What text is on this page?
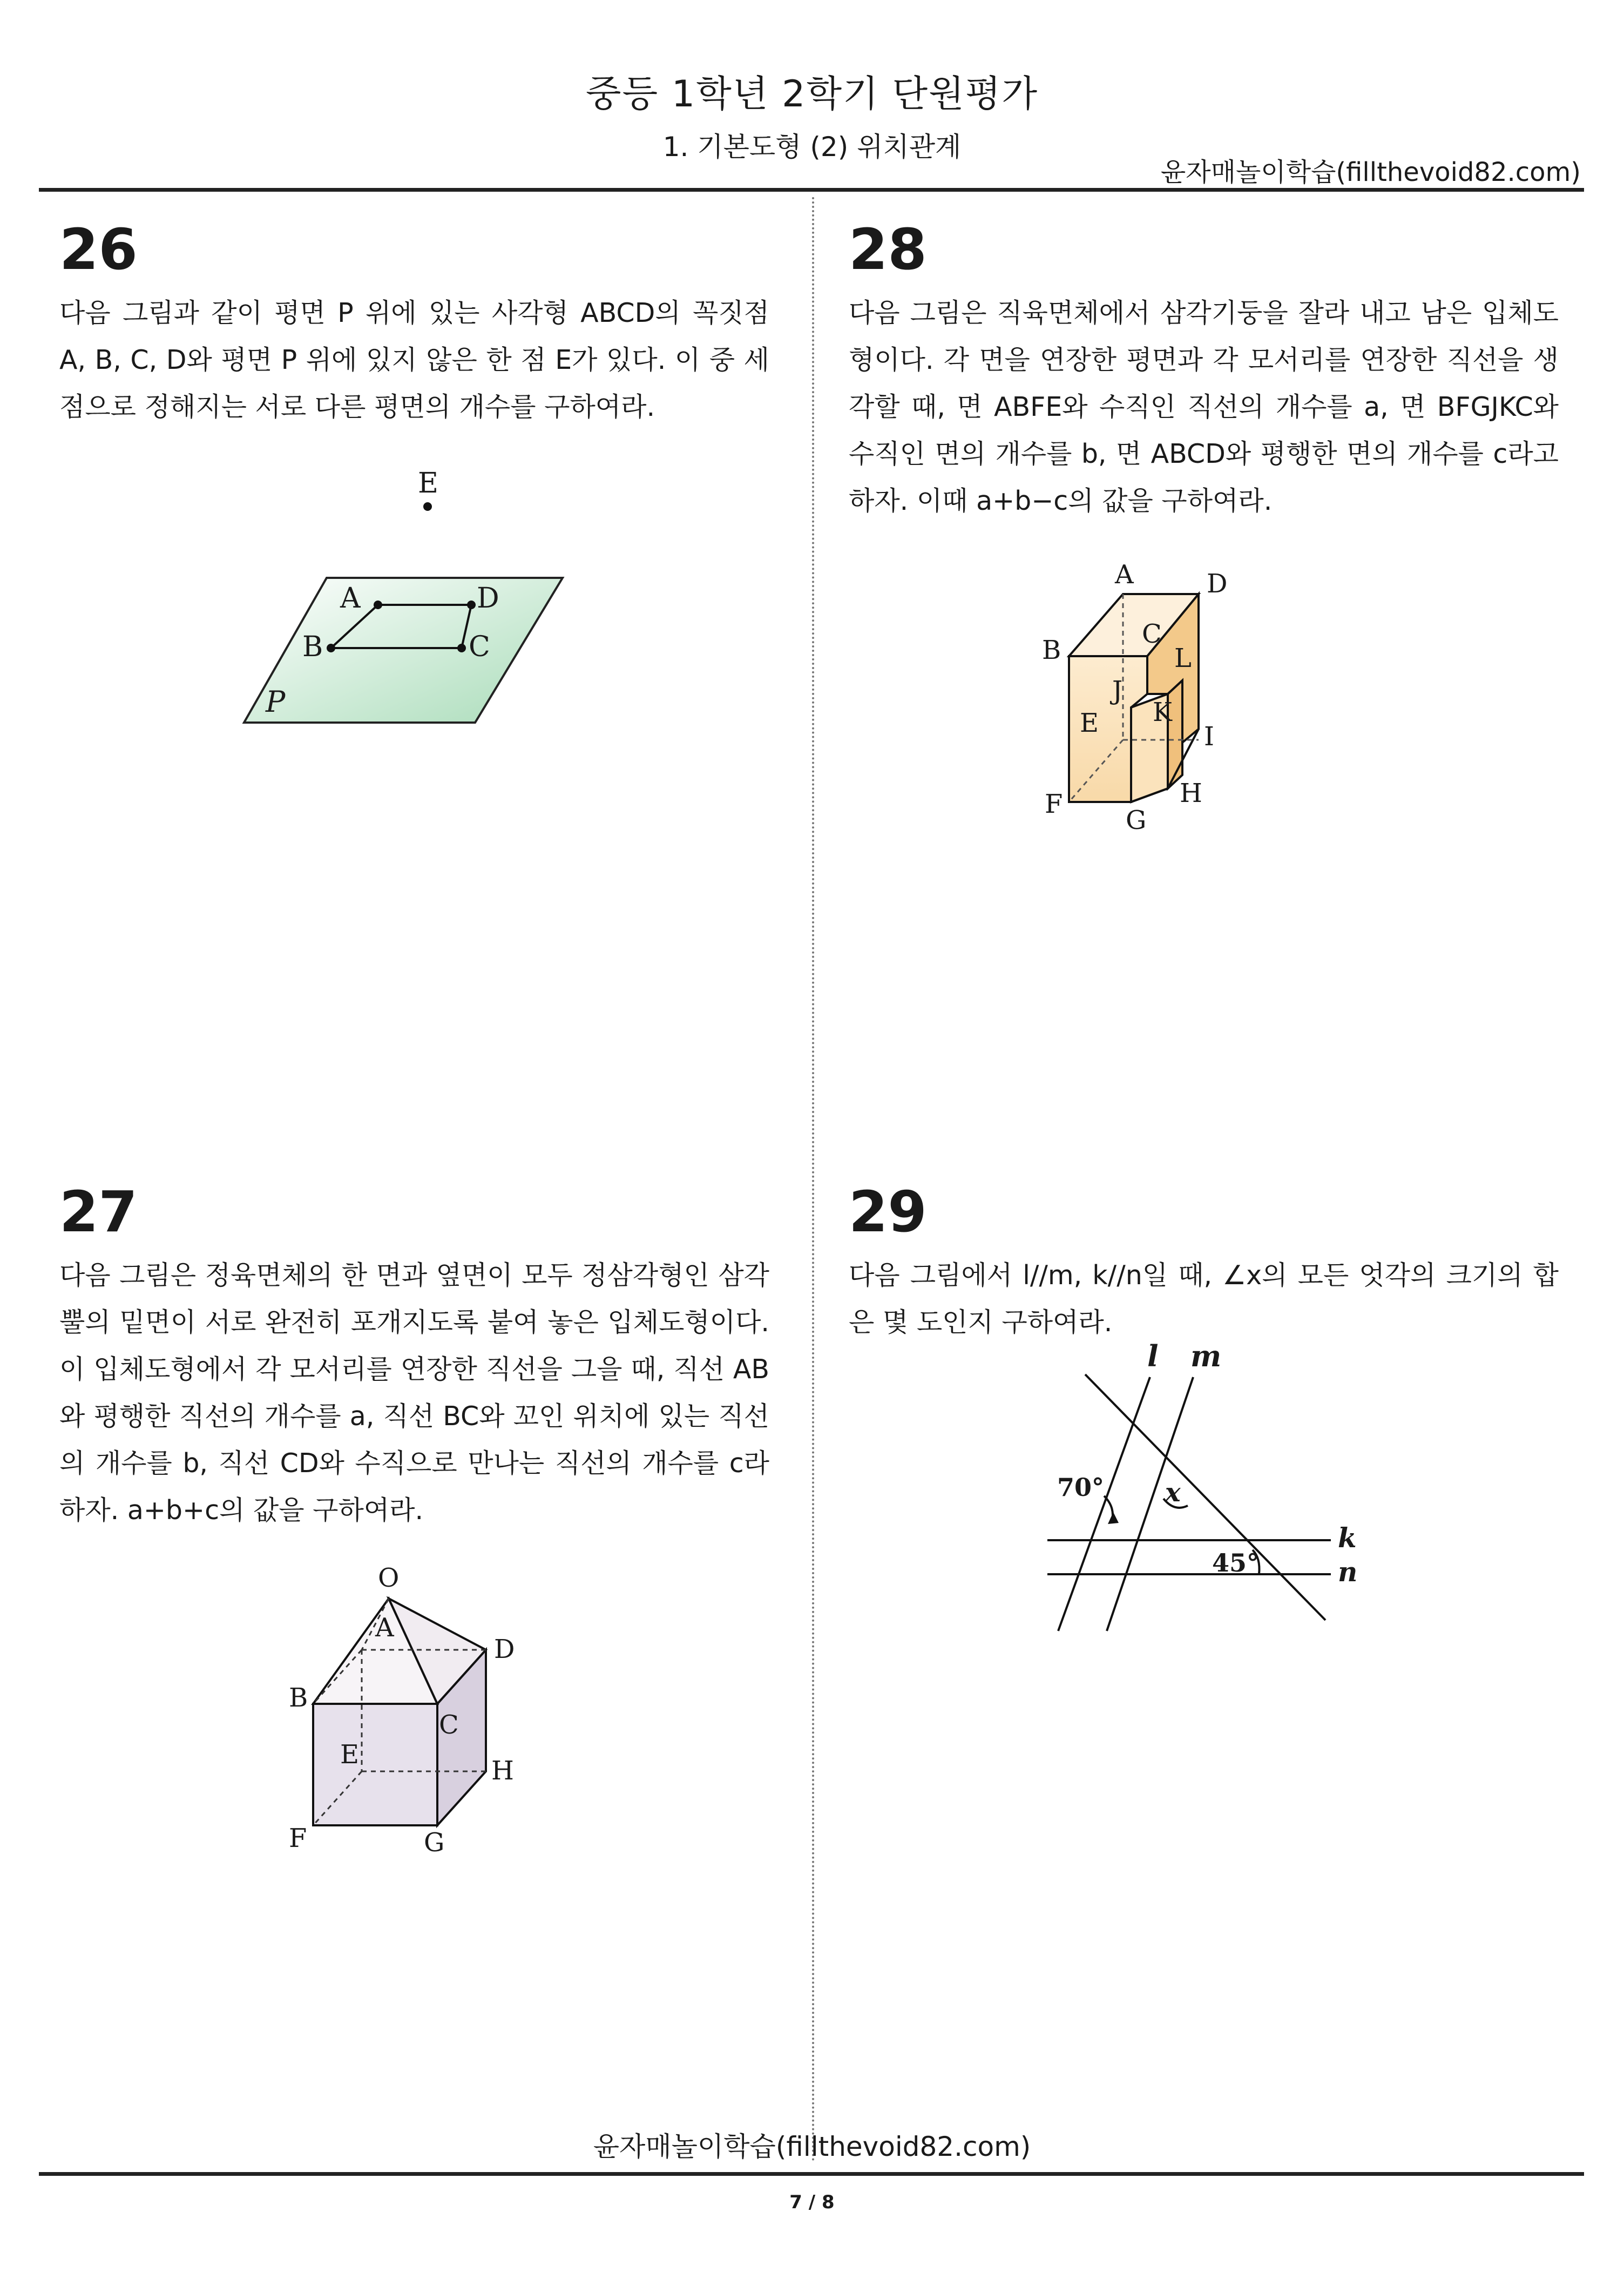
중등 1학년 2학기 단원평가
1. 기본도형 (2) 위치관계
윤자매놀이학습(fillthevoid82.com)
26
다음 그림과 같이 평면 P 위에 있는 사각형 ABCD의 꼭짓점 A, B, C, D와 평면 P 위에 있지 않은 한 점 E가 있다. 이 중 세 점으로 정해지는 서로 다른 평면의 개수를 구하여라.
E
A	D
B	C
P
27
다음 그림은 정육면체의 한 면과 옆면이 모두 정삼각형인 삼각뿔의 밑면이 서로 완전히 포개지도록 붙여 놓은 입체도형이다. 이 입체도형에서 각 모서리를 연장한 직선을 그을 때, 직선 AB와 평행한 직선의 개수를 a, 직선 BC와 꼬인 위치에 있는 직선의 개수를 b, 직선 CD와 수직으로 만나는 직선의 개수를 c라 하자. a+b+c의 값을 구하여라.
O
A
D
B
C
E
H
F	G
28
다음 그림은 직육면체에서 삼각기둥을 잘라 내고 남은 입체도형이다. 각 면을 연장한 평면과 각 모서리를 연장한 직선을 생각할 때, 면 ABFE와 수직인 직선의 개수를 a, 면 BFGJKC와 수직인 면의 개수를 b, 면 ABCD와 평행한 면의 개수를 c라고 하자. 이때 a+b−c의 값을 구하여라.
A	D
B
C
L
J
K
E	I
F
G
H
29
다음 그림에서 l//m, k//n일 때, ∠x의 모든 엇각의 크기의 합은 몇 도인지 구하여라.
l m
k
n
70°
45°
x
윤자매놀이학습(fillthevoid82.com)
7 / 8
